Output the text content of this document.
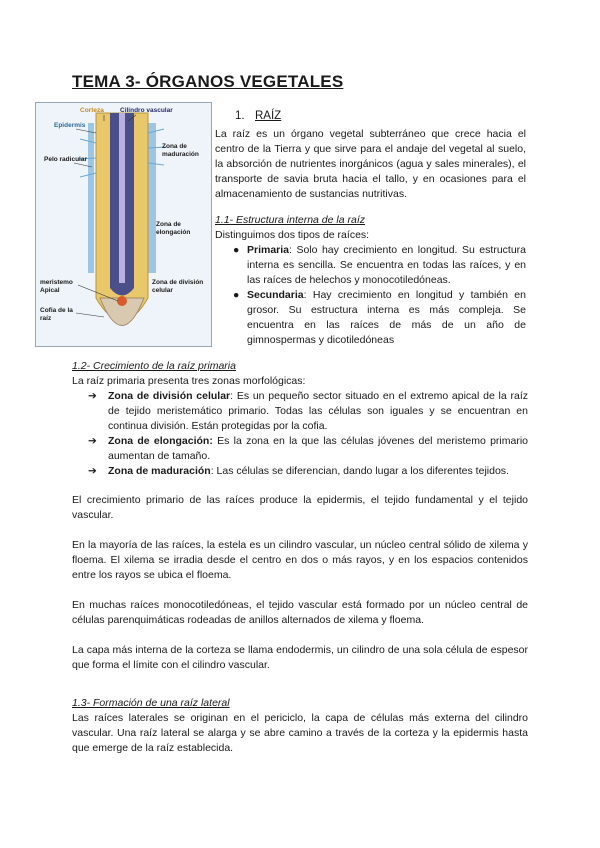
TEMA 3- ÓRGANOS VEGETALES
Corteza Cilindro vascular
Epidermis
Pelo radicular
Zona de maduración
Zona de elongación
meristemo Apical
Zona de división celular
Cofia de la raíz
1. RAÍZ

La raíz es un órgano vegetal subterráneo que crece hacia el centro de la Tierra y que sirve para el andaje del vegetal al suelo, la absorción de nutrientes inorgánicos (agua y sales minerales), el transporte de savia bruta hacia el tallo, y en ocasiones para el almacenamiento de sustancias nutritivas.

1.1- Estructura interna de la raíz

Distinguimos dos tipos de raíces:

● Primaria: Solo hay crecimiento en longitud. Su estructura interna es sencilla. Se encuentra en todas las raíces, y en las raíces de helechos y monocotiledóneas.

● Secundaria: Hay crecimiento en longitud y también en grosor. Su estructura interna es más compleja. Se encuentra en las raíces de más de un año de gimnospermas y dicotiledóneas

1.2- Crecimiento de la raíz primaria

La raíz primaria presenta tres zonas morfológicas:

➔	Zona de división celular: Es un pequeño sector situado en el extremo apical de la raíz de tejido meristemático primario. Todas las células son iguales y se encuentran en continua división. Están protegidas por la cofia.

➔	Zona de elongación: Es la zona en la que las células jóvenes del meristemo primario aumentan de tamaño.

➔	Zona de maduración: Las células se diferencian, dando lugar a los diferentes tejidos.

El crecimiento primario de las raíces produce la epidermis, el tejido fundamental y el tejido vascular.

En la mayoría de las raíces, la estela es un cilindro vascular, un núcleo central sólido de xilema y floema. El xilema se irradia desde el centro en dos o más rayos, y en los espacios contenidos entre los rayos se ubica el floema.

En muchas raíces monocotiledóneas, el tejido vascular está formado por un núcleo central de células parenquimáticas rodeadas de anillos alternados de xilema y floema.

La capa más interna de la corteza se llama endodermis, un cilindro de una sola célula de espesor que forma el límite con el cilindro vascular.

1.3- Formación de una raíz lateral

Las raíces laterales se originan en el periciclo, la capa de células más externa del cilindro vascular. Una raíz lateral se alarga y se abre camino a través de la corteza y la epidermis hasta que emerge de la raíz establecida.
